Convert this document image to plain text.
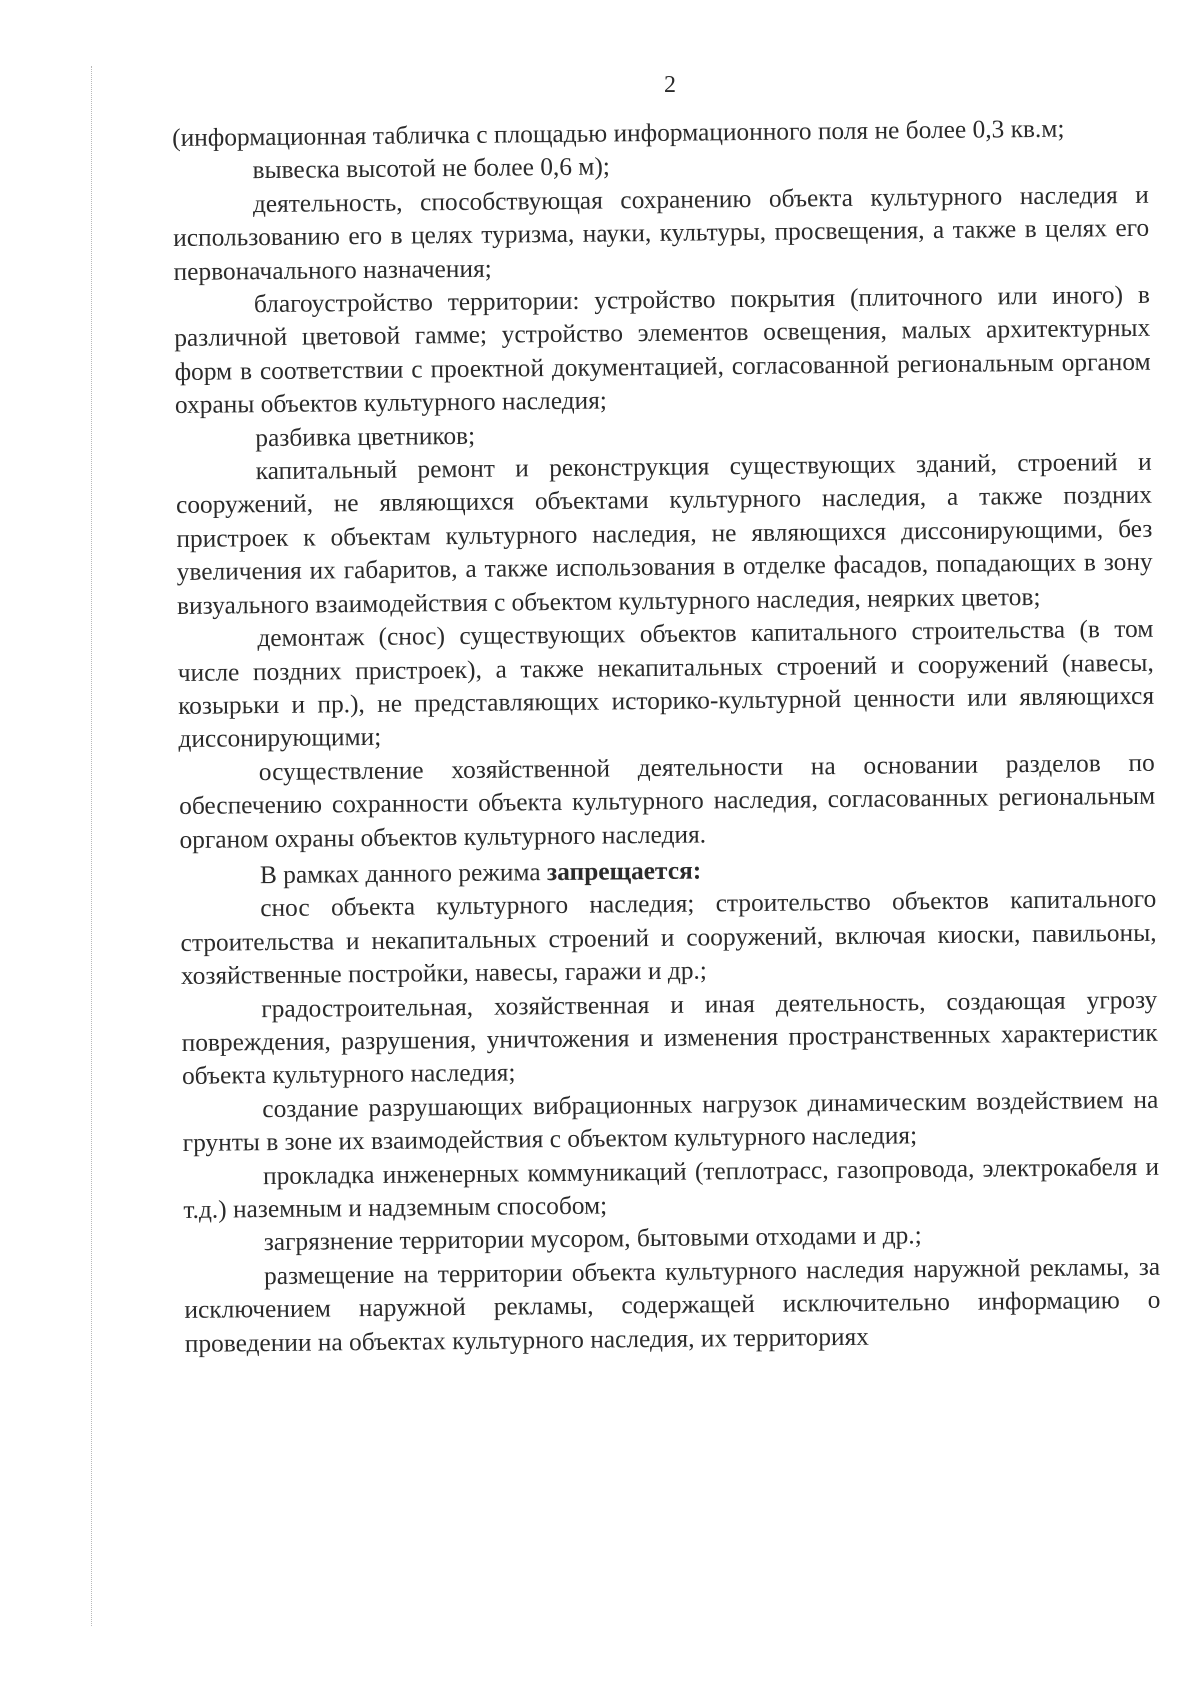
2

(информационная табличка с площадью информационного поля не более 0,3 кв.м;

вывеска высотой не более 0,6 м);

деятельность, способствующая сохранению объекта культурного наследия и использованию его в целях туризма, науки, культуры, просвещения, а также в целях его первоначального назначения;

благоустройство территории: устройство покрытия (плиточного или иного) в различной цветовой гамме; устройство элементов освещения, малых архитектурных форм в соответствии с проектной документацией, согласованной региональным органом охраны объектов культурного наследия;

разбивка цветников;

капитальный ремонт и реконструкция существующих зданий, строений и сооружений, не являющихся объектами культурного наследия, а также поздних пристроек к объектам культурного наследия, не являющихся диссонирующими, без увеличения их габаритов, а также использования в отделке фасадов, попадающих в зону визуального взаимодействия с объектом культурного наследия, неярких цветов;

демонтаж (снос) существующих объектов капитального строительства (в том числе поздних пристроек), а также некапитальных строений и сооружений (навесы, козырьки и пр.), не представляющих историко-культурной ценности или являющихся диссонирующими;

осуществление хозяйственной деятельности на основании разделов по обеспечению сохранности объекта культурного наследия, согласованных региональным органом охраны объектов культурного наследия.

В рамках данного режима запрещается:

снос объекта культурного наследия; строительство объектов капитального строительства и некапитальных строений и сооружений, включая киоски, павильоны, хозяйственные постройки, навесы, гаражи и др.;

градостроительная, хозяйственная и иная деятельность, создающая угрозу повреждения, разрушения, уничтожения и изменения пространственных характеристик объекта культурного наследия;

создание разрушающих вибрационных нагрузок динамическим воздействием на грунты в зоне их взаимодействия с объектом культурного наследия;

прокладка инженерных коммуникаций (теплотрасс, газопровода, электрокабеля и т.д.) наземным и надземным способом;

загрязнение территории мусором, бытовыми отходами и др.;

размещение на территории объекта культурного наследия наружной рекламы, за исключением наружной рекламы, содержащей исключительно информацию о проведении на объектах культурного наследия, их территориях
